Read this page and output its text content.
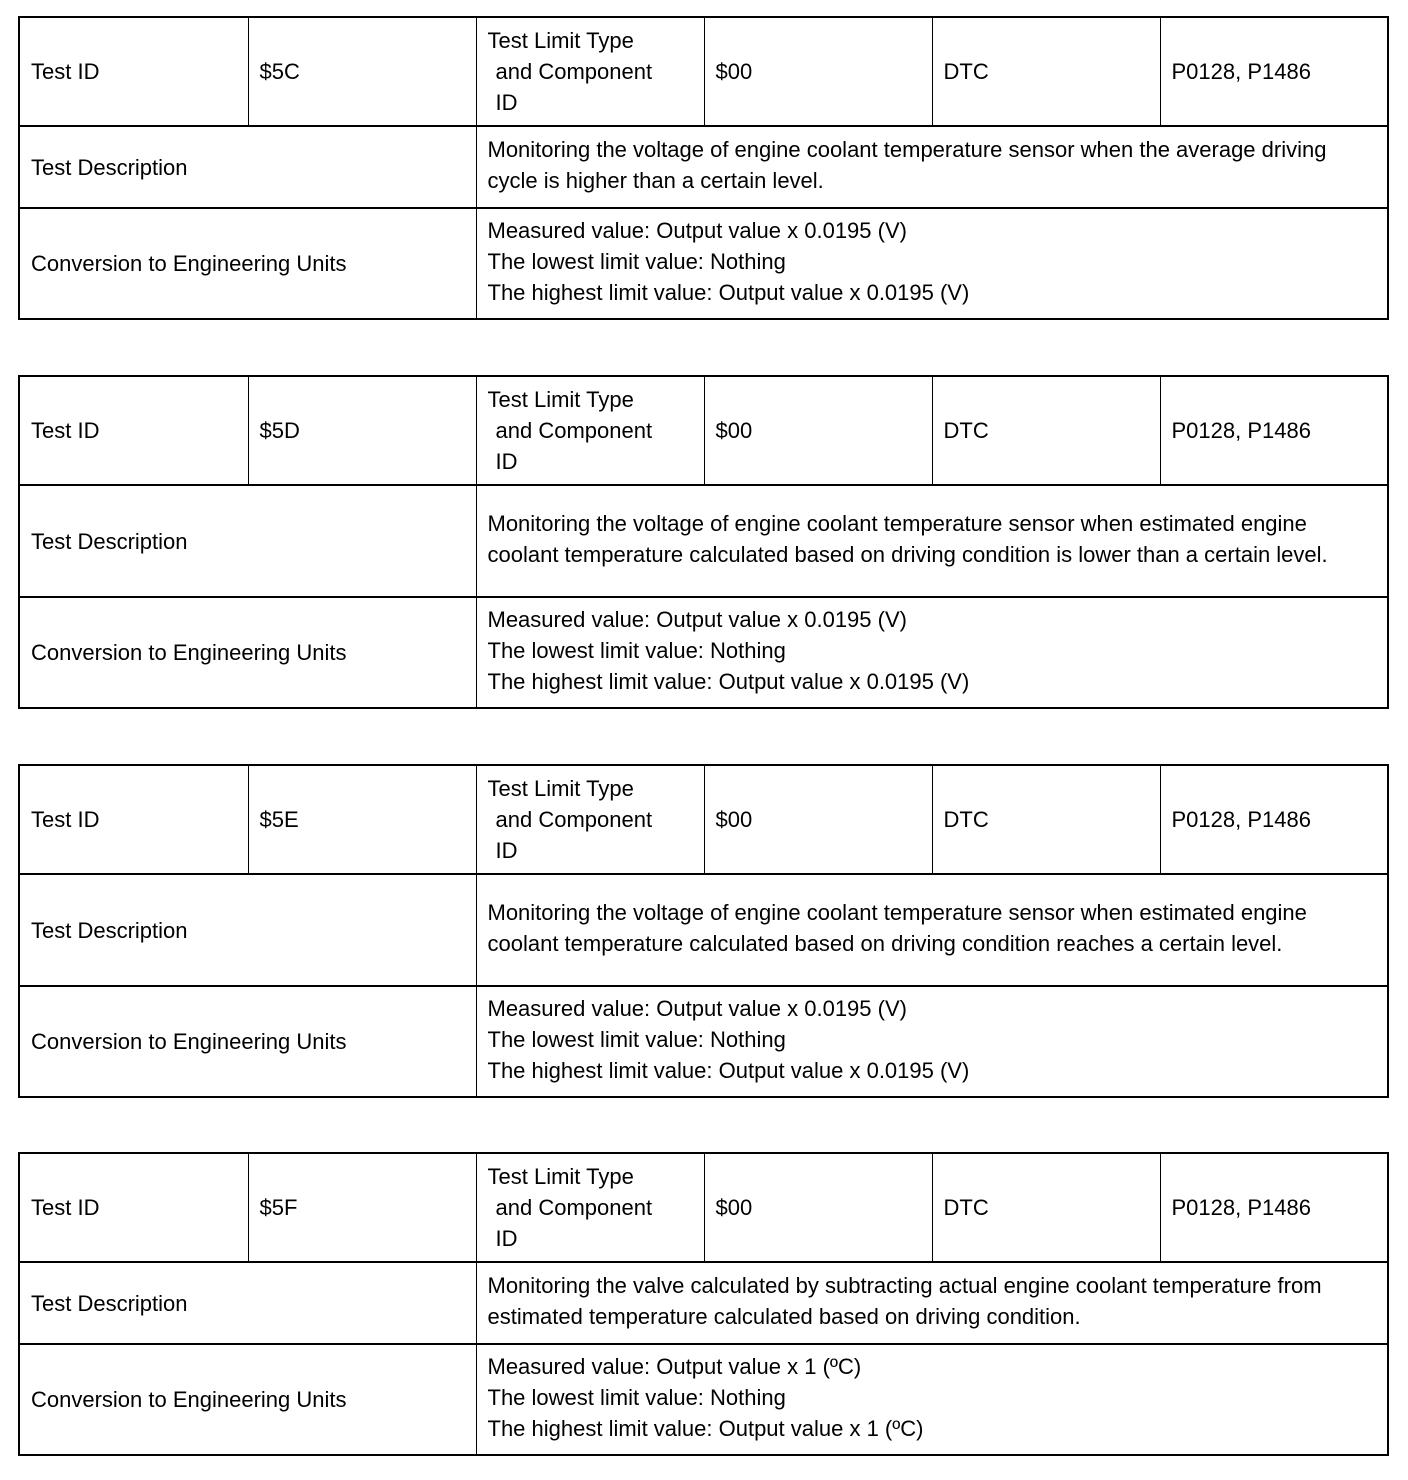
Test ID	$5C	Test Limit Type
and Component
ID	$00	DTC	P0128, P1486
Test Description		Monitoring the voltage of engine coolant temperature sensor when the average driving cycle is higher than a certain level.			
Conversion to Engineering Units		Measured value: Output value x 0.0195 (V)
The lowest limit value: Nothing
The highest limit value: Output value x 0.0195 (V)			
Test ID	$5D	Test Limit Type
and Component
ID	$00	DTC	P0128, P1486
Test Description		Monitoring the voltage of engine coolant temperature sensor when estimated engine coolant temperature calculated based on driving condition is lower than a certain level.			
Conversion to Engineering Units		Measured value: Output value x 0.0195 (V)
The lowest limit value: Nothing
The highest limit value: Output value x 0.0195 (V)			
Test ID	$5E	Test Limit Type
and Component
ID	$00	DTC	P0128, P1486
Test Description		Monitoring the voltage of engine coolant temperature sensor when estimated engine coolant temperature calculated based on driving condition reaches a certain level.			
Conversion to Engineering Units		Measured value: Output value x 0.0195 (V)
The lowest limit value: Nothing
The highest limit value: Output value x 0.0195 (V)			
Test ID	$5F	Test Limit Type
and Component
ID	$00	DTC	P0128, P1486
Test Description		Monitoring the valve calculated by subtracting actual engine coolant temperature from estimated temperature calculated based on driving condition.			
Conversion to Engineering Units		Measured value: Output value x 1 (ºC)
The lowest limit value: Nothing
The highest limit value: Output value x 1 (ºC)			
